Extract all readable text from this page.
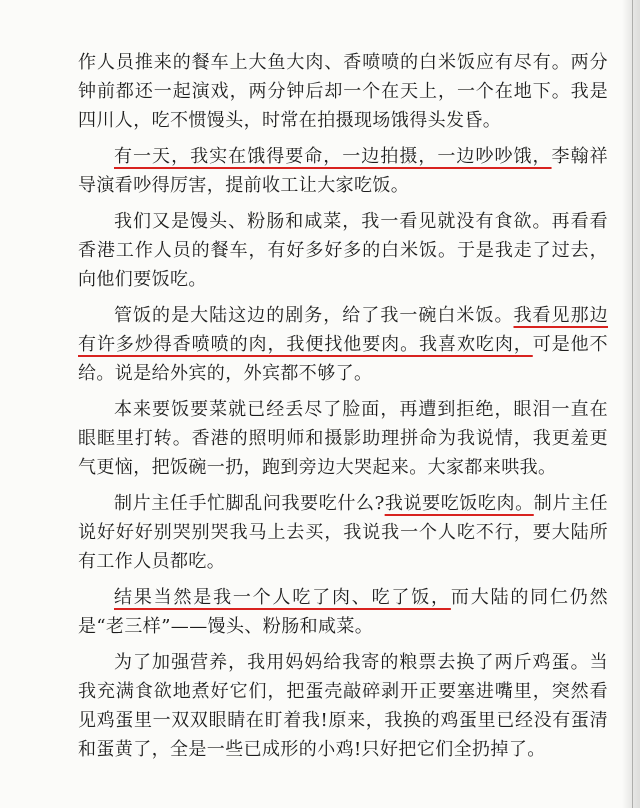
作人员推来的餐车上大鱼大肉、香喷喷的白米饭应有尽有。两分钟前都还一起演戏，两分钟后却一个在天上，一个在地下。我是四川人，吃不惯馒头，时常在拍摄现场饿得头发昏。

有一天，我实在饿得要命，一边拍摄，一边吵吵饿，李翰祥导演看吵得厉害，提前收工让大家吃饭。

我们又是馒头、粉肠和咸菜，我一看见就没有食欲。再看看香港工作人员的餐车，有好多好多的白米饭。于是我走了过去，向他们要饭吃。

管饭的是大陆这边的剧务，给了我一碗白米饭。我看见那边有许多炒得香喷喷的肉，我便找他要肉。我喜欢吃肉，可是他不给。说是给外宾的，外宾都不够了。

本来要饭要菜就已经丢尽了脸面，再遭到拒绝，眼泪一直在眼眶里打转。香港的照明师和摄影助理拼命为我说情，我更羞更气更恼，把饭碗一扔，跑到旁边大哭起来。大家都来哄我。

制片主任手忙脚乱问我要吃什么?我说要吃饭吃肉。制片主任说好好好别哭别哭我马上去买，我说我一个人吃不行，要大陆所有工作人员都吃。

结果当然是我一个人吃了肉、吃了饭，而大陆的同仁仍然是“老三样”——馒头、粉肠和咸菜。

为了加强营养，我用妈妈给我寄的粮票去换了两斤鸡蛋。当我充满食欲地煮好它们，把蛋壳敲碎剥开正要塞进嘴里，突然看见鸡蛋里一双双眼睛在盯着我!原来，我换的鸡蛋里已经没有蛋清和蛋黄了，全是一些已成形的小鸡!只好把它们全扔掉了。
